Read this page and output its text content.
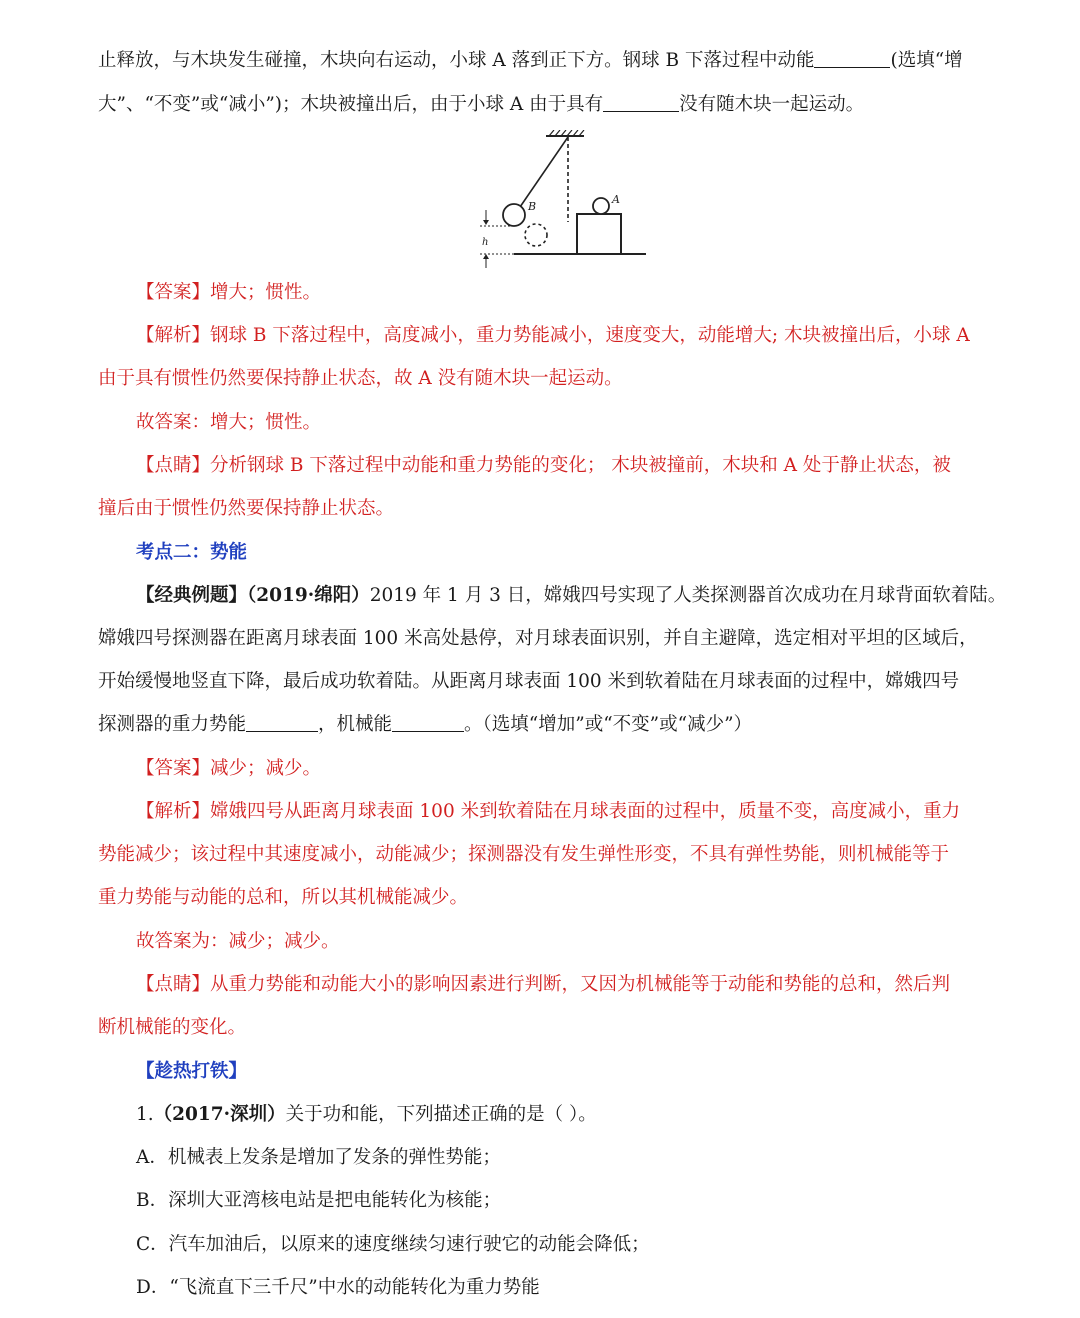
止释放，与木块发生碰撞，木块向右运动，小球 A 落到正下方。钢球 B 下落过程中动能	(选填“增
大”、“不变”或“减小”)；木块被撞出后，由于小球 A 由于具有	没有随木块一起运动。
B
A
h
【答案】增大；惯性。
【解析】钢球 B 下落过程中，高度减小，重力势能减小，速度变大，动能增大; 木块被撞出后，小球 A
由于具有惯性仍然要保持静止状态，故 A 没有随木块一起运动。
故答案：增大；惯性。
【点睛】分析钢球 B 下落过程中动能和重力势能的变化； 木块被撞前，木块和 A 处于静止状态，被
撞后由于惯性仍然要保持静止状态。
考点二：势能
【经典例题】（2019·绵阳）2019 年 1 月 3 日，嫦娥四号实现了人类探测器首次成功在月球背面软着陆。
嫦娥四号探测器在距离月球表面 100 米高处悬停，对月球表面识别，并自主避障，选定相对平坦的区域后，
开始缓慢地竖直下降，最后成功软着陆。从距离月球表面 100 米到软着陆在月球表面的过程中，嫦娥四号
探测器的重力势能	，机械能	。（选填“增加”或“不变”或“减少”）
【答案】减少；减少。
【解析】嫦娥四号从距离月球表面 100 米到软着陆在月球表面的过程中，质量不变，高度减小，重力
势能减少；该过程中其速度减小，动能减少；探测器没有发生弹性形变，不具有弹性势能，则机械能等于
重力势能与动能的总和，所以其机械能减少。
故答案为：减少；减少。
【点睛】从重力势能和动能大小的影响因素进行判断，又因为机械能等于动能和势能的总和，然后判
断机械能的变化。
【趁热打铁】
1.（2017·深圳）关于功和能，下列描述正确的是（ ）。
A．机械表上发条是增加了发条的弹性势能；
B．深圳大亚湾核电站是把电能转化为核能；
C．汽车加油后，以原来的速度继续匀速行驶它的动能会降低；
D．“飞流直下三千尺”中水的动能转化为重力势能
